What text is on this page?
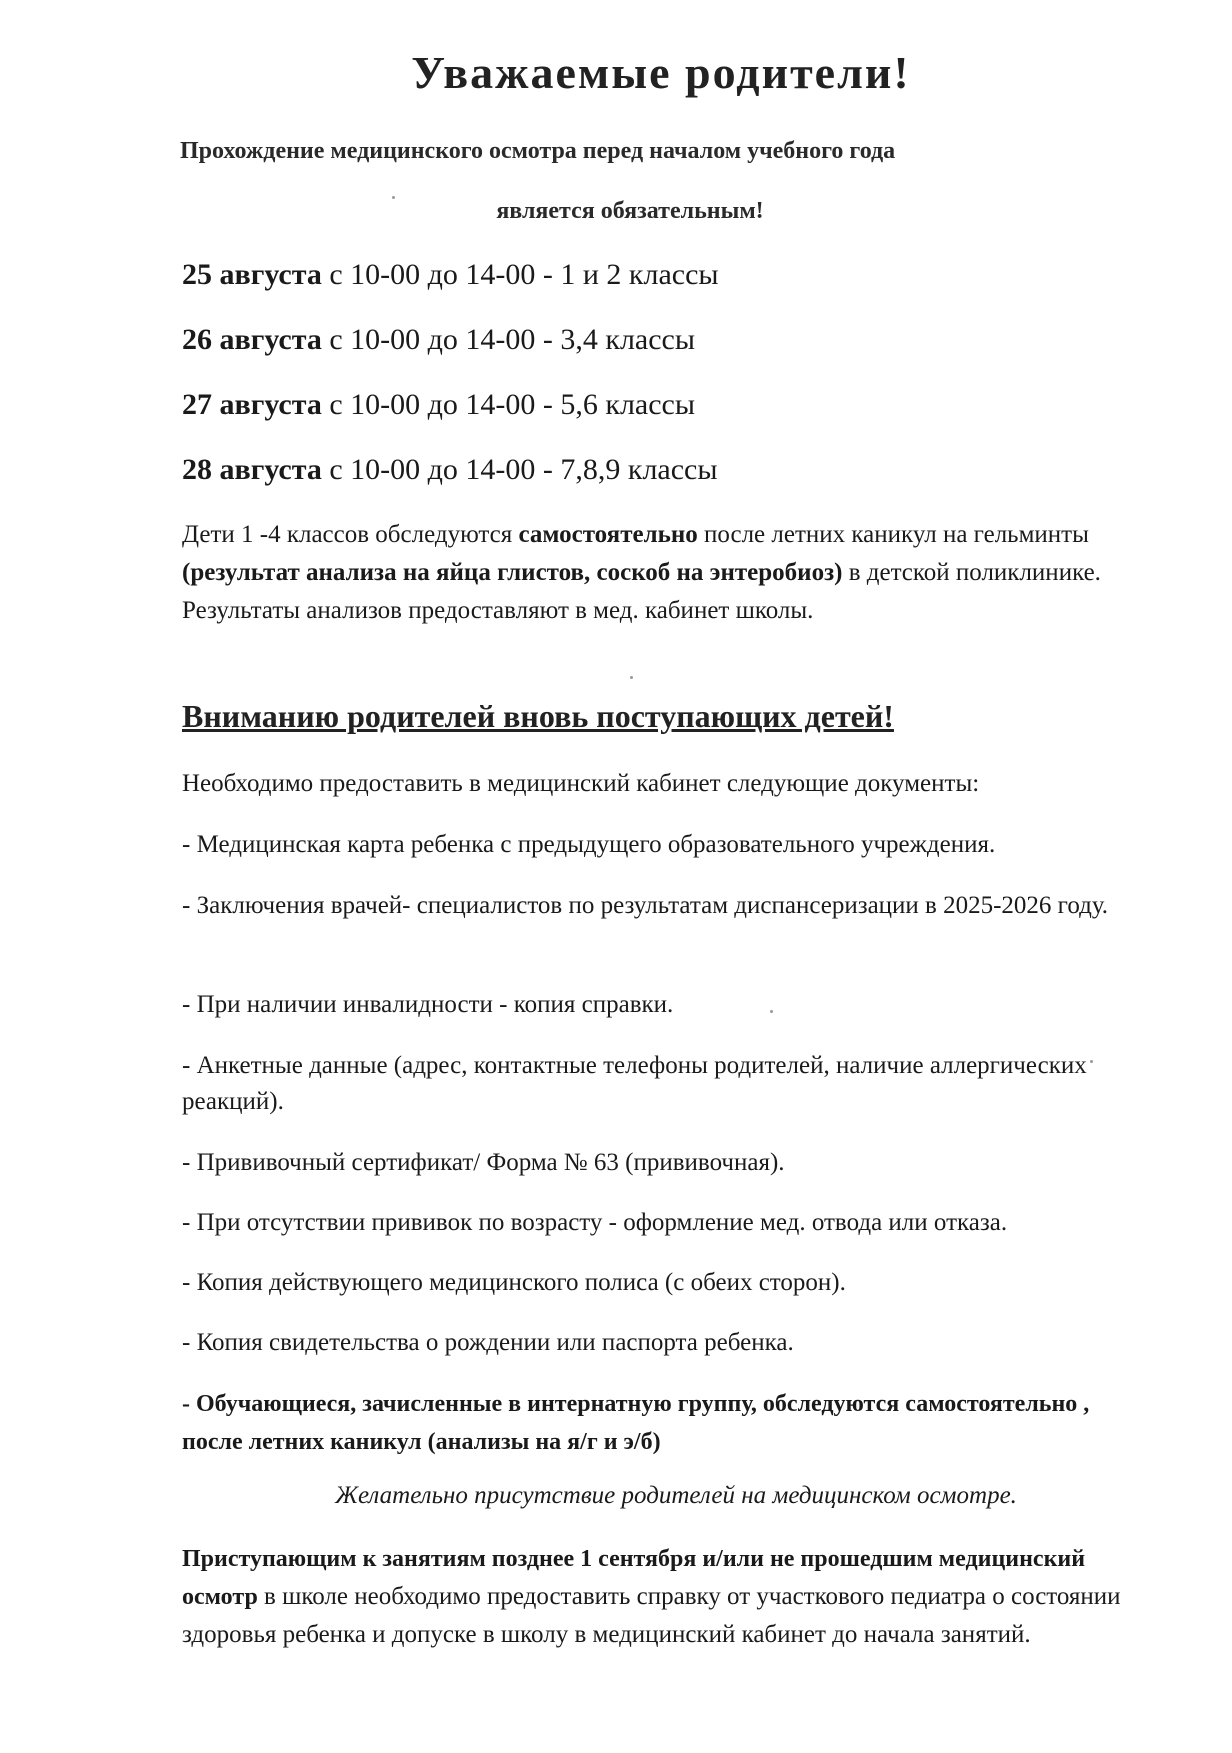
Уважаемые родители!
Прохождение медицинского осмотра перед началом учебного года
является обязательным!
25 августа с 10-00 до 14-00 - 1 и 2 классы
26 августа с 10-00 до 14-00 - 3,4 классы
27 августа с 10-00 до 14-00 - 5,6 классы
28 августа с 10-00 до 14-00 - 7,8,9 классы
Дети 1 -4 классов обследуются самостоятельно после летних каникул на гельминты (результат анализа на яйца глистов, соскоб на энтеробиоз) в детской поликлинике. Результаты анализов предоставляют в мед. кабинет школы.
Вниманию родителей вновь поступающих детей!
Необходимо предоставить в медицинский кабинет следующие документы:
- Медицинская карта ребенка с предыдущего образовательного учреждения.
- Заключения врачей- специалистов по результатам диспансеризации в 2025-2026 году.
- При наличии инвалидности - копия справки.
- Анкетные данные (адрес, контактные телефоны родителей, наличие аллергических реакций).
- Прививочный сертификат/ Форма № 63 (прививочная).
- При отсутствии прививок по возрасту - оформление мед. отвода или отказа.
- Копия действующего медицинского полиса (с обеих сторон).
- Копия свидетельства о рождении или паспорта ребенка.
- Обучающиеся, зачисленные в интернатную группу, обследуются самостоятельно , после летних каникул (анализы на я/г и э/б)
Желательно присутствие родителей на медицинском осмотре.
Приступающим к занятиям позднее 1 сентября и/или не прошедшим медицинский осмотр в школе необходимо предоставить справку от участкового педиатра о состоянии здоровья ребенка и допуске в школу в медицинский кабинет до начала занятий.
